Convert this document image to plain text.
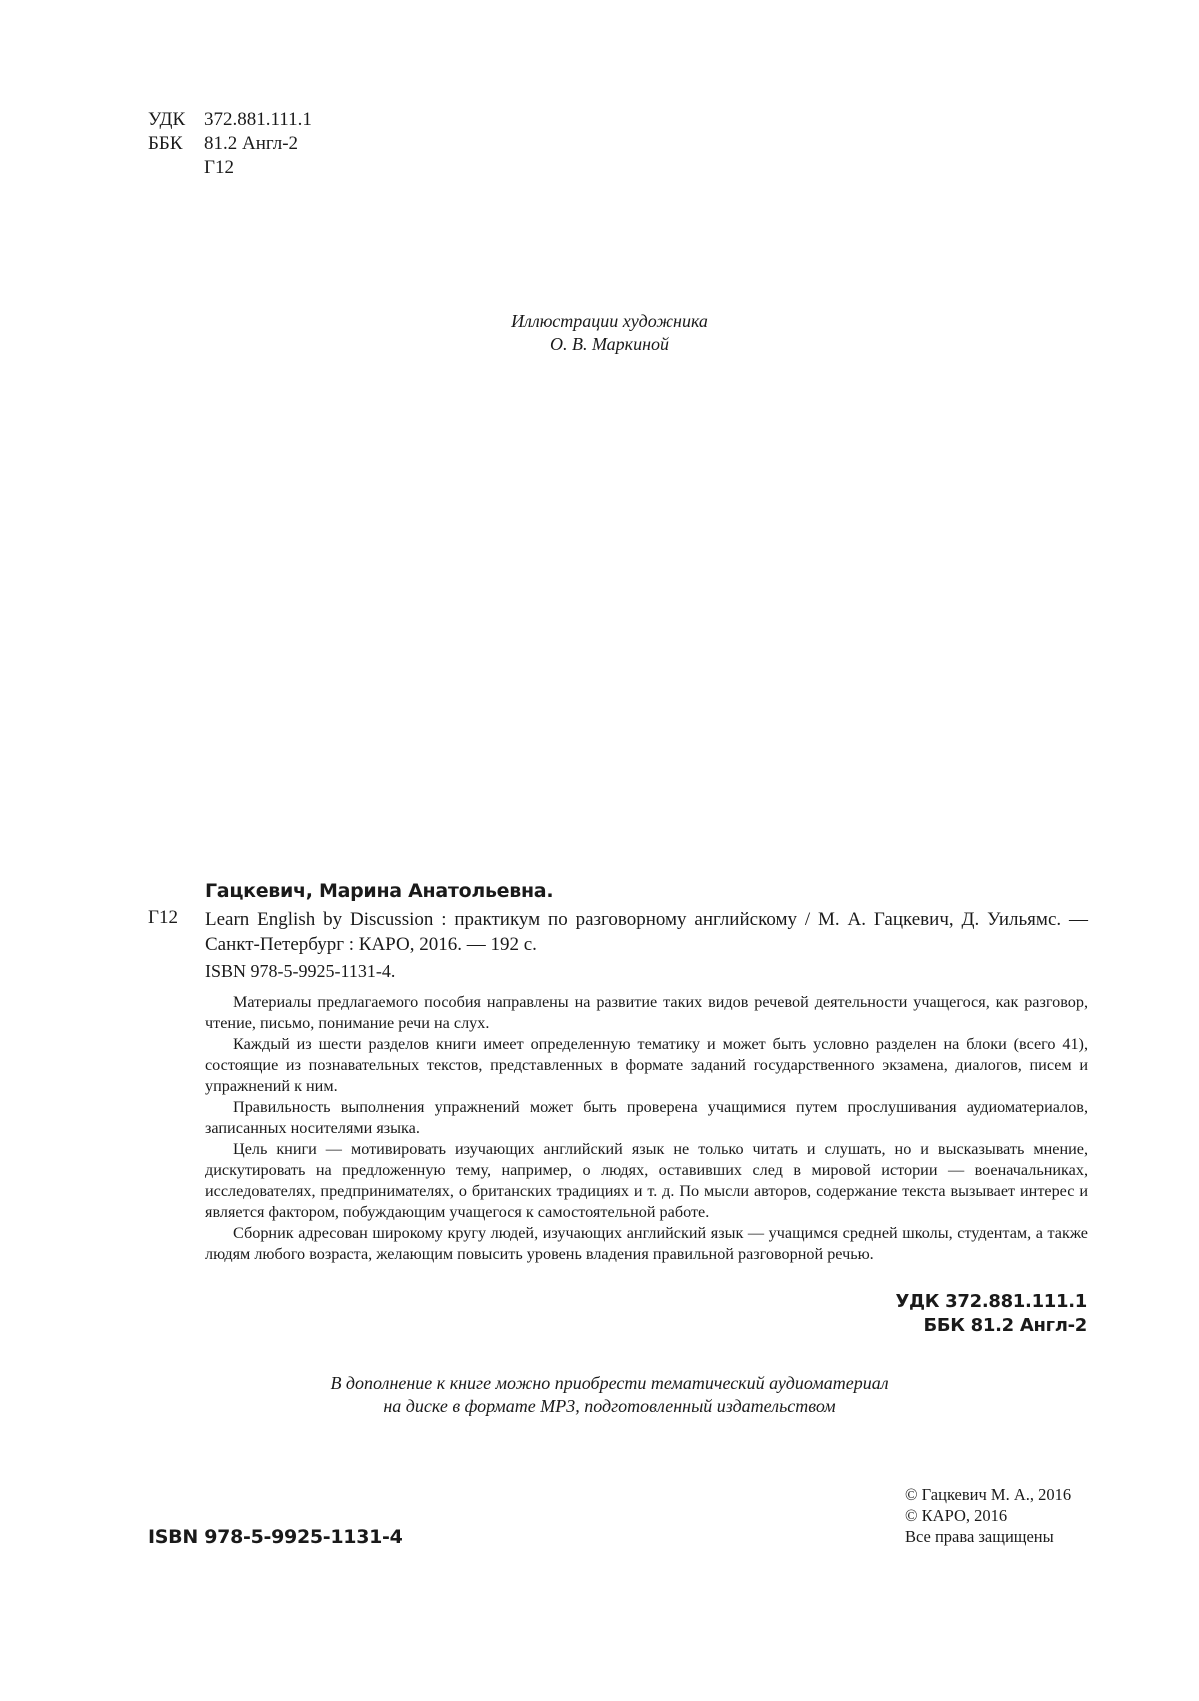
УДК 372.881.111.1
ББК 81.2 Англ-2
Г12
Иллюстрации художника
О. В. Маркиной
Гацкевич, Марина Анатольевна.
Г12 Learn English by Discussion : практикум по разговорному английскому / М. А. Гацкевич, Д. Уильямс. —
Санкт-Петербург : КАРО, 2016. — 192 с.
ISBN 978-5-9925-1131-4.

Материалы предлагаемого пособия направлены на развитие таких видов речевой деятельности учащегося, как разговор, чтение, письмо, понимание речи на слух.

Каждый из шести разделов книги имеет определенную тематику и может быть условно разделен на блоки (всего 41), состоящие из познавательных текстов, представленных в формате заданий государственного экзамена, диалогов, писем и упражнений к ним.

Правильность выполнения упражнений может быть проверена учащимися путем прослушивания аудиоматериалов, записанных носителями языка.

Цель книги — мотивировать изучающих английский язык не только читать и слушать, но и высказывать мнение, дискутировать на предложенную тему, например, о людях, оставивших след в мировой истории — военачальниках, исследователях, предпринимателях, о британских традициях и т. д. По мысли авторов, содержание текста вызывает интерес и является фактором, побуждающим учащегося к самостоятельной работе.

Сборник адресован широкому кругу людей, изучающих английский язык — учащимся средней школы, студентам, а также людям любого возраста, желающим повысить уровень владения правильной разговорной речью.

УДК 372.881.111.1
ББК 81.2 Англ-2
В дополнение к книге можно приобрести тематический аудиоматериал
на диске в формате MP3, подготовленный издательством
© Гацкевич М. А., 2016
© КАРО, 2016
Все права защищены
ISBN 978-5-9925-1131-4
